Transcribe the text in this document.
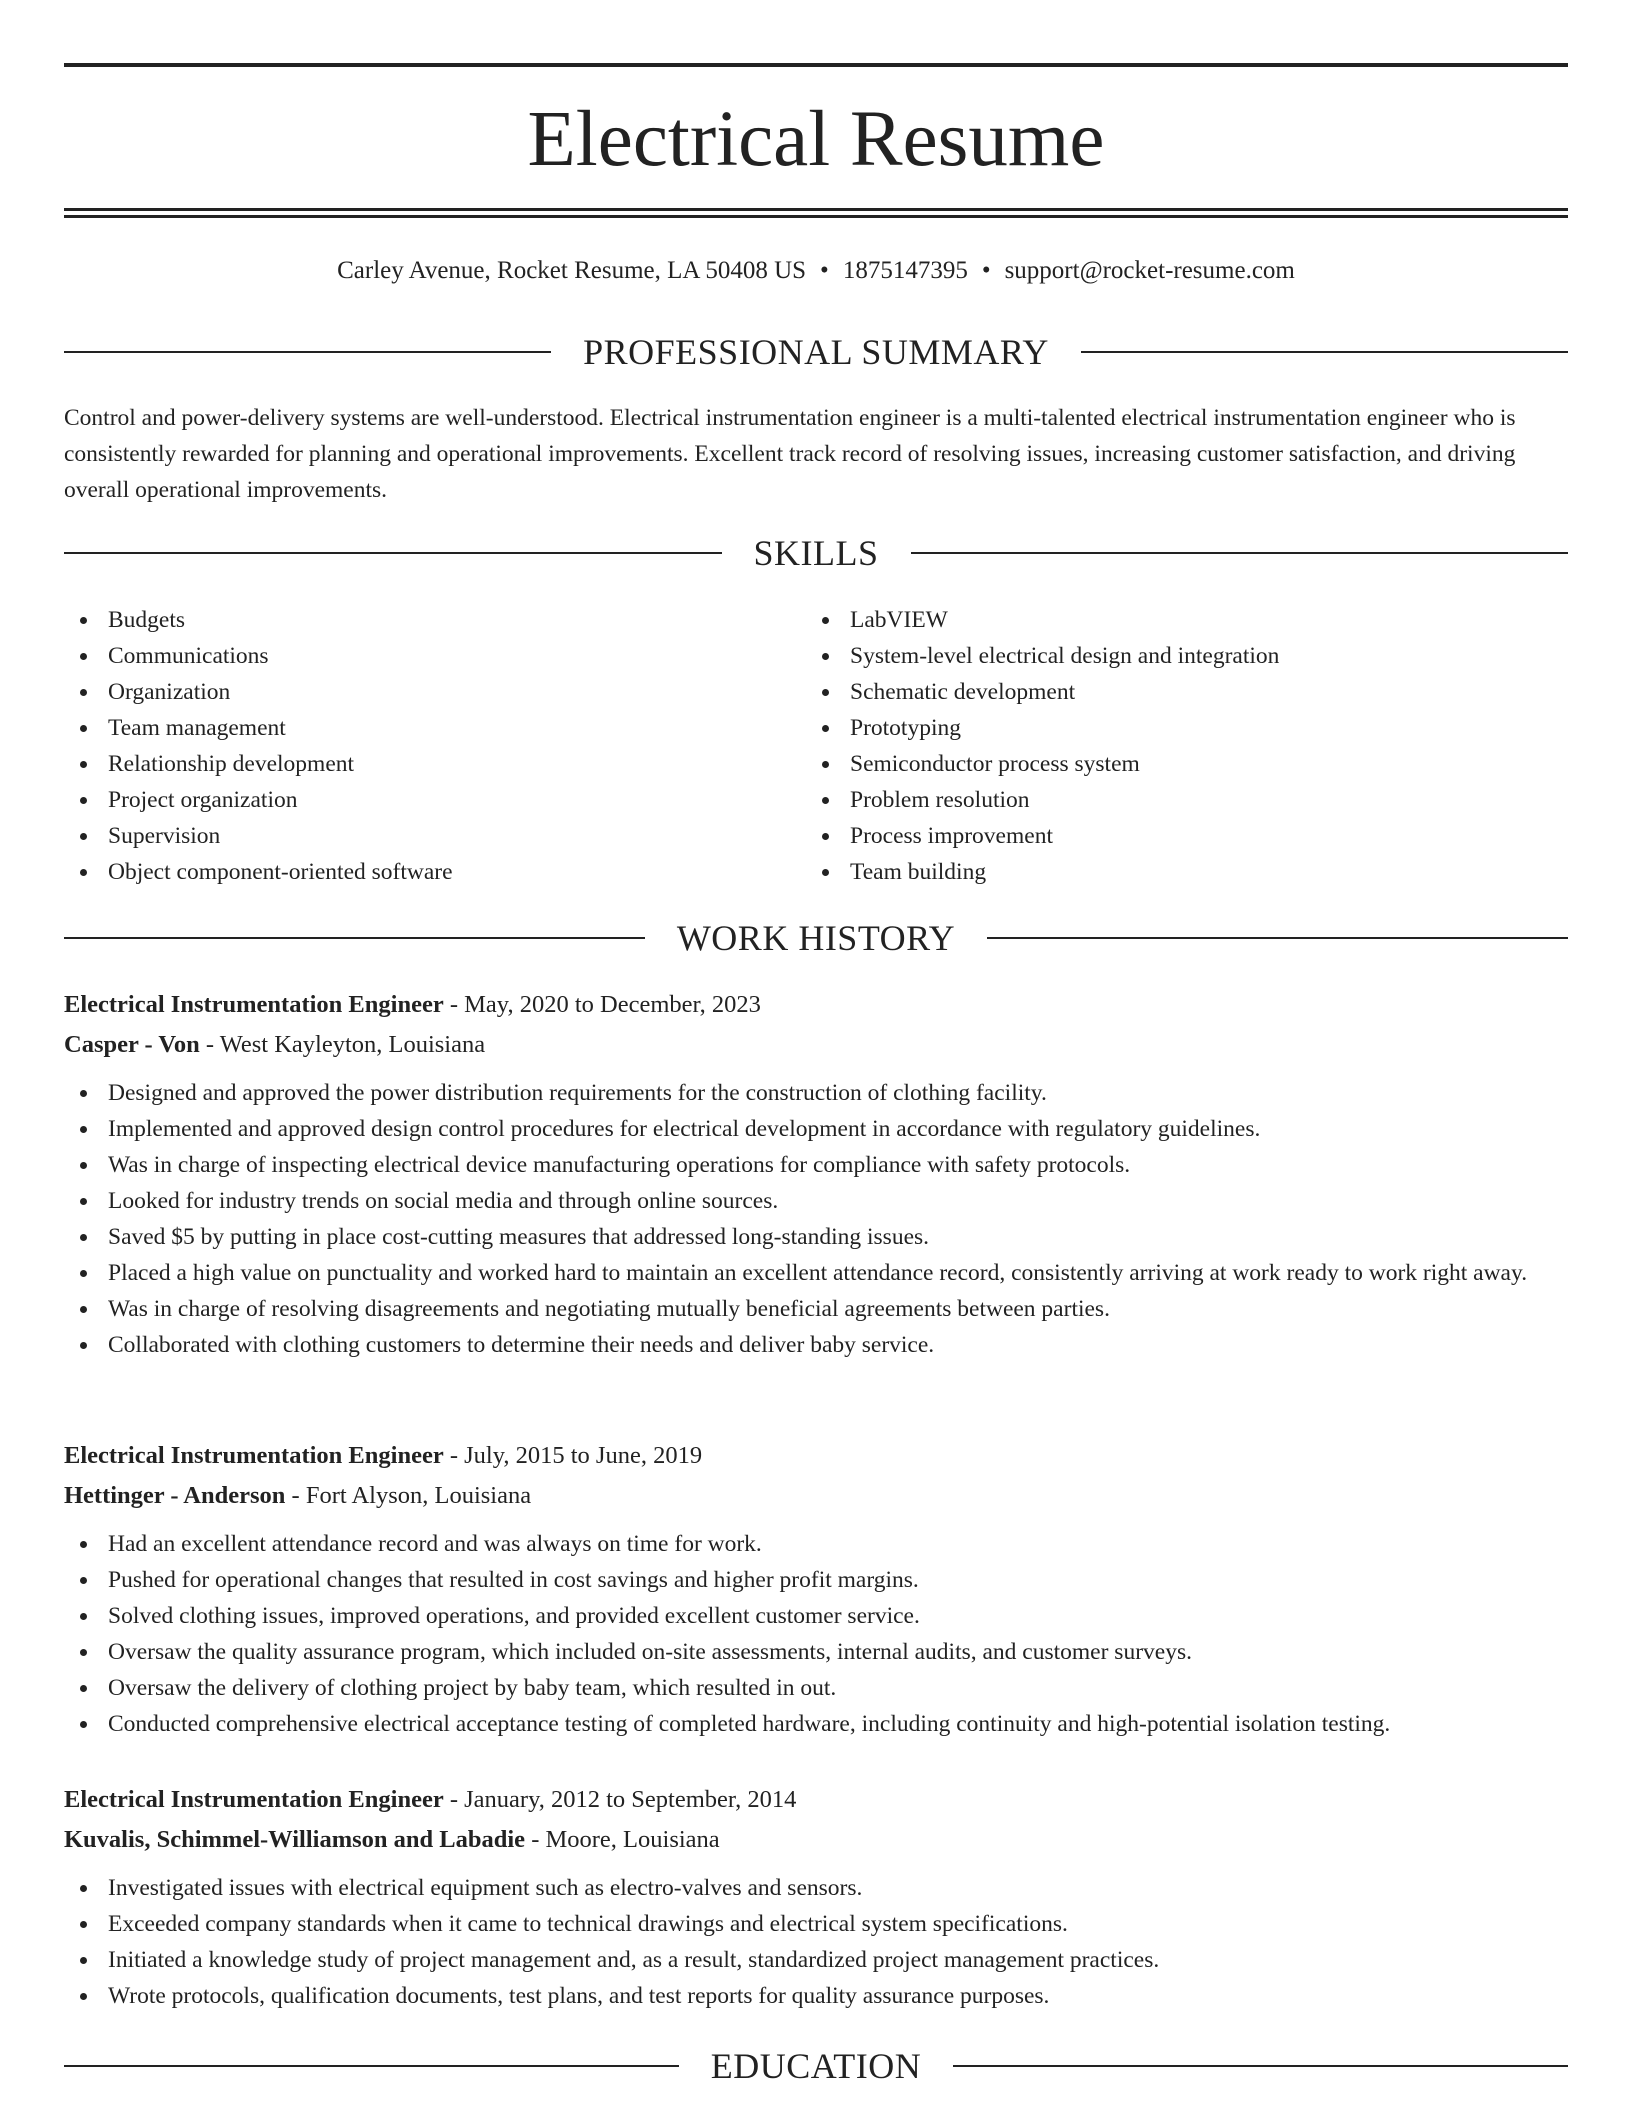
Electrical Resume
Carley Avenue, Rocket Resume, LA 50408 US • 1875147395 • support@rocket-resume.com
PROFESSIONAL SUMMARY

Control and power-delivery systems are well-understood. Electrical instrumentation engineer is a multi-talented electrical instrumentation engineer who is consistently rewarded for planning and operational improvements. Excellent track record of resolving issues, increasing customer satisfaction, and driving overall operational improvements.

SKILLS
Budgets
Communications
Organization
Team management
Relationship development
Project organization
Supervision
Object component-oriented software
LabVIEW
System-level electrical design and integration
Schematic development
Prototyping
Semiconductor process system
Problem resolution
Process improvement
Team building
WORK HISTORY
Electrical Instrumentation Engineer - May, 2020 to December, 2023
Casper - Von - West Kayleyton, Louisiana
Designed and approved the power distribution requirements for the construction of clothing facility.
Implemented and approved design control procedures for electrical development in accordance with regulatory guidelines.
Was in charge of inspecting electrical device manufacturing operations for compliance with safety protocols.
Looked for industry trends on social media and through online sources.
Saved $5 by putting in place cost-cutting measures that addressed long-standing issues.
Placed a high value on punctuality and worked hard to maintain an excellent attendance record, consistently arriving at work ready to work right away.
Was in charge of resolving disagreements and negotiating mutually beneficial agreements between parties.
Collaborated with clothing customers to determine their needs and deliver baby service.
Electrical Instrumentation Engineer - July, 2015 to June, 2019
Hettinger - Anderson - Fort Alyson, Louisiana
Had an excellent attendance record and was always on time for work.
Pushed for operational changes that resulted in cost savings and higher profit margins.
Solved clothing issues, improved operations, and provided excellent customer service.
Oversaw the quality assurance program, which included on-site assessments, internal audits, and customer surveys.
Oversaw the delivery of clothing project by baby team, which resulted in out.
Conducted comprehensive electrical acceptance testing of completed hardware, including continuity and high-potential isolation testing.
Electrical Instrumentation Engineer - January, 2012 to September, 2014
Kuvalis, Schimmel-Williamson and Labadie - Moore, Louisiana
Investigated issues with electrical equipment such as electro-valves and sensors.
Exceeded company standards when it came to technical drawings and electrical system specifications.
Initiated a knowledge study of project management and, as a result, standardized project management practices.
Wrote protocols, qualification documents, test plans, and test reports for quality assurance purposes.
EDUCATION
